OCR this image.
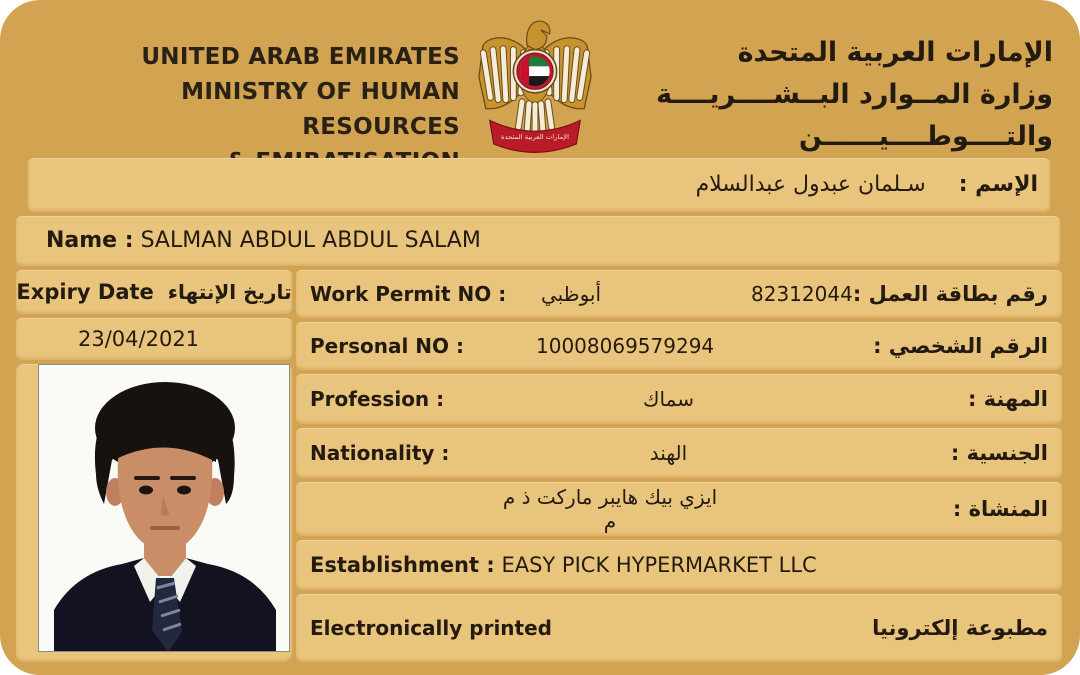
UNITED ARAB EMIRATES
MINISTRY OF HUMAN RESOURCES	الإمارات العربية المتحدة
الإمارات العربية المتحدة
وزارة المــوارد البــشــــريــــة
والتــــوطــــيــــــن
الإسم : سـلمان عبدول عبدالسلام
Name : SALMAN ABDUL ABDUL SALAM
Expiry Date تاريخ الإنتهاء
23/04/2021
Work Permit NO :	أبوظبي	82312044 رقم بطاقة العمل :
Personal NO :	10008069579294	الرقم الشخصي :
Profession :	سماك	المهنة :
Nationality :	الهند	الجنسية :
ايزي بيك هايبر ماركت ذ م م	المنشاة :
Establishment : EASY PICK HYPERMARKET LLC
Electronically printed	مطبوعة إلكترونيا
